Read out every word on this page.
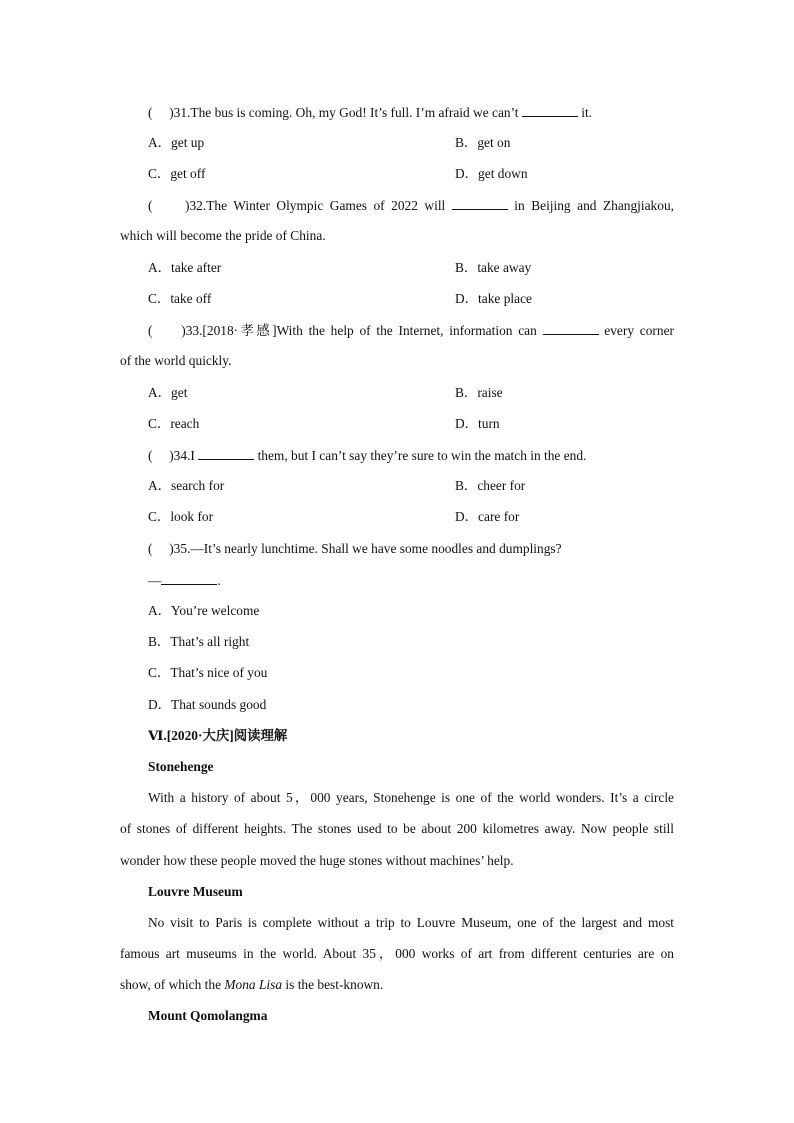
(     )31.The bus is coming. Oh, my God! It’s full. I’m afraid we can’t	it.
A．get up	B．get on
C．get off	D．get down
(     )32.The Winter Olympic Games of 2022 will	in Beijing and Zhangjiakou,
which will become the pride of China.
A．take after	B．take away
C．take off	D．take place
(     )33.[2018·孝感]With the help of the Internet, information can	every corner
of the world quickly.
A．get	B．raise
C．reach	D．turn
(     )34.I	them, but I can’t say they’re sure to win the match in the end.
A．search for	B．cheer for
C．look for	D．care for
(     )35.—It’s nearly lunchtime. Shall we have some noodles and dumplings?
—	.
A．You’re welcome
B．That’s all right
C．That’s nice of you
D．That sounds good
Ⅵ.[2020·大庆]阅读理解
Stonehenge
With a history of about 5，000 years, Stonehenge is one of the world wonders. It’s a circle
of stones of different heights. The stones used to be about 200 kilometres away. Now people still
wonder how these people moved the huge stones without machines’ help.
Louvre Museum
No visit to Paris is complete without a trip to Louvre Museum, one of the largest and most
famous art museums in the world. About 35，000 works of art from different centuries are on
show, of which the Mona Lisa is the best-known.
Mount Qomolangma
